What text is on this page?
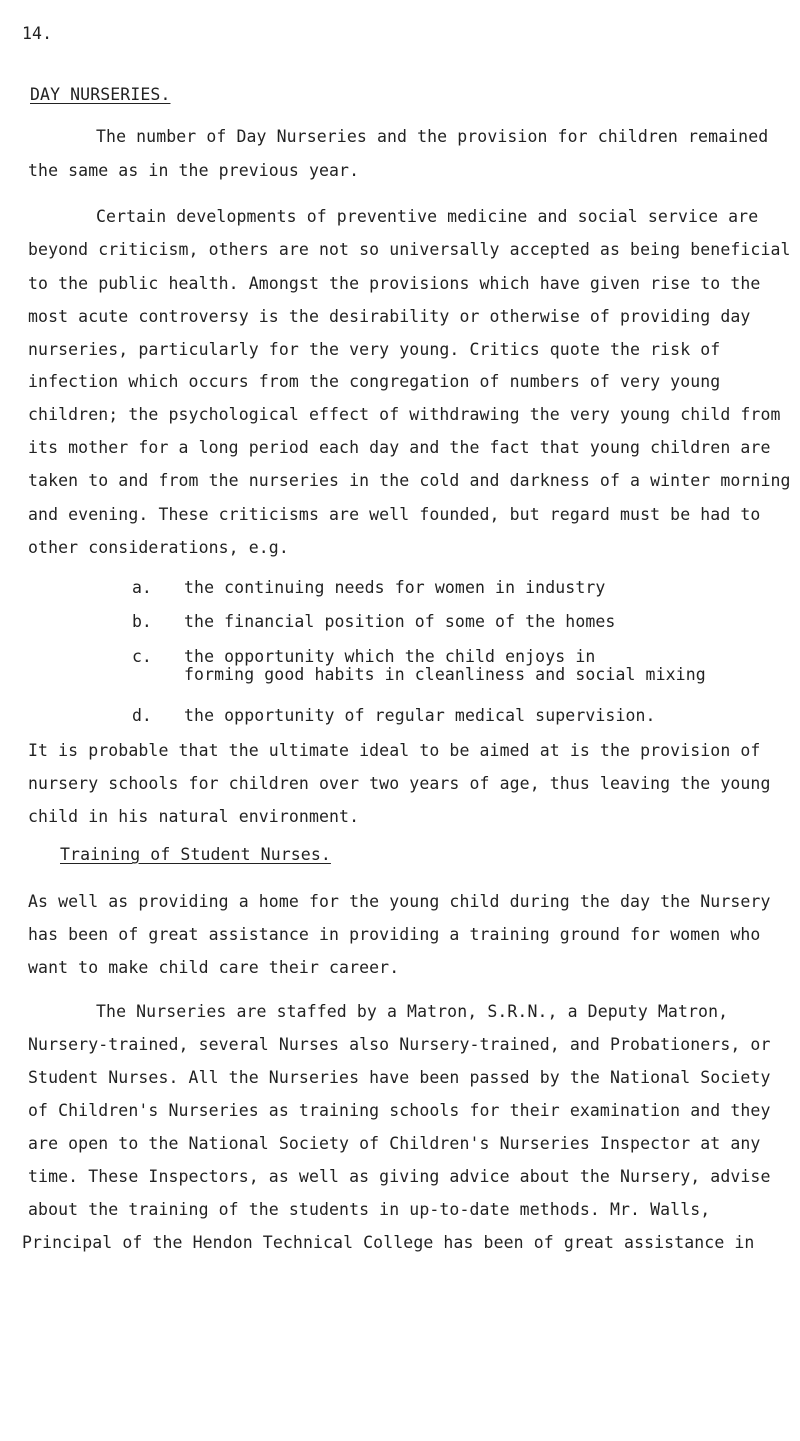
14.
DAY NURSERIES.
The number of Day Nurseries and the provision for children remained
the same as in the previous year.
Certain developments of preventive medicine and social service are
beyond criticism, others are not so universally accepted as being beneficial
to the public health. Amongst the provisions which have given rise to the
most acute controversy is the desirability or otherwise of providing day
nurseries, particularly for the very young. Critics quote the risk of
infection which occurs from the congregation of numbers of very young
children; the psychological effect of withdrawing the very young child from
its mother for a long period each day and the fact that young children are
taken to and from the nurseries in the cold and darkness of a winter morning
and evening. These criticisms are well founded, but regard must be had to
other considerations, e.g.
a. the continuing needs for women in industry
b. the financial position of some of the homes
c. the opportunity which the child enjoys in
forming good habits in cleanliness and social mixing
d. the opportunity of regular medical supervision.
It is probable that the ultimate ideal to be aimed at is the provision of
nursery schools for children over two years of age, thus leaving the young
child in his natural environment.
Training of Student Nurses.
As well as providing a home for the young child during the day the Nursery
has been of great assistance in providing a training ground for women who
want to make child care their career.
The Nurseries are staffed by a Matron, S.R.N., a Deputy Matron,
Nursery-trained, several Nurses also Nursery-trained, and Probationers, or
Student Nurses. All the Nurseries have been passed by the National Society
of Children's Nurseries as training schools for their examination and they
are open to the National Society of Children's Nurseries Inspector at any
time. These Inspectors, as well as giving advice about the Nursery, advise
about the training of the students in up-to-date methods. Mr. Walls,
Principal of the Hendon Technical College has been of great assistance in
